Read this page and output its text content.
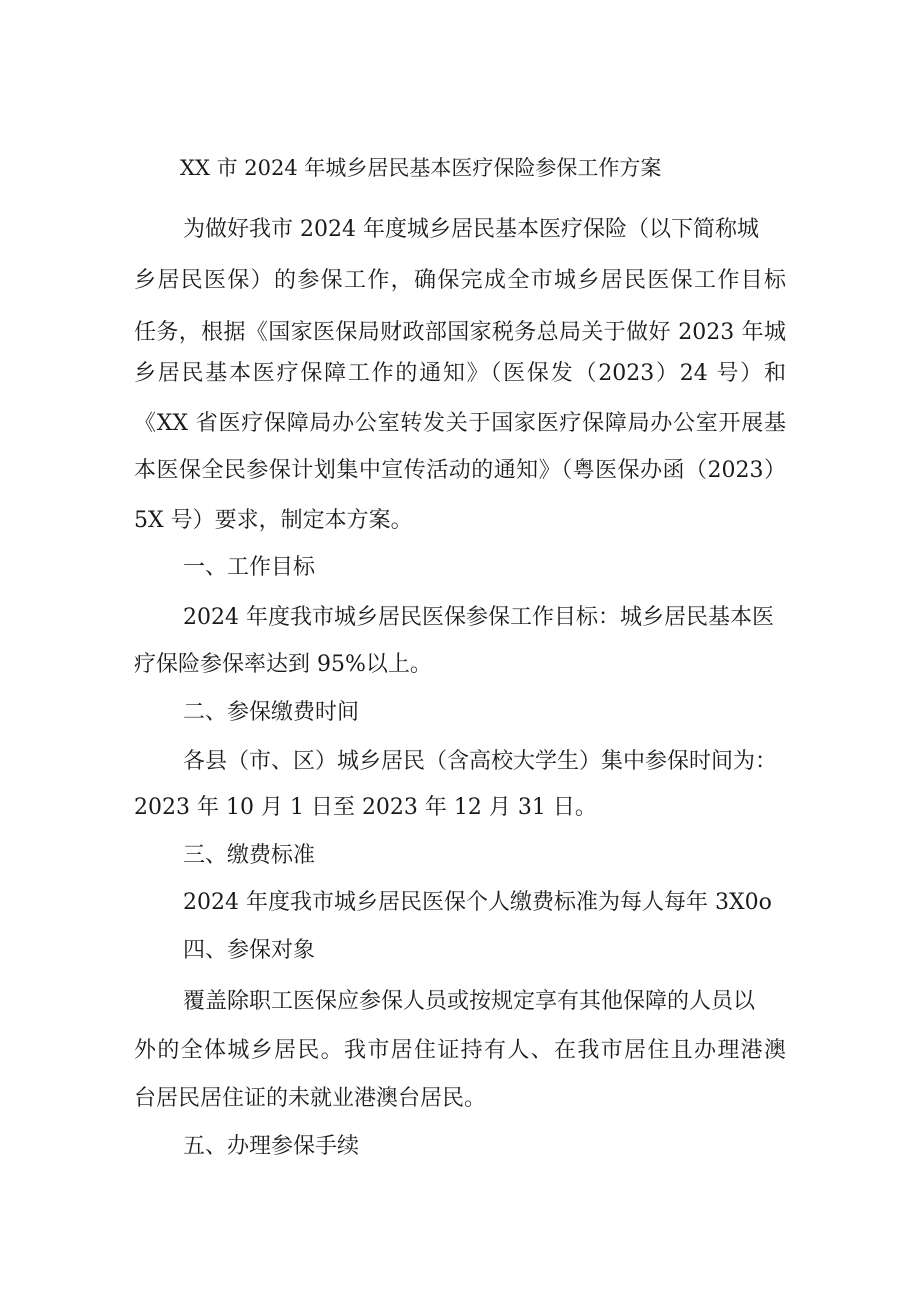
XX 市 2024 年城乡居民基本医疗保险参保工作方案
为做好我市 2024 年度城乡居民基本医疗保险（以下简称城
乡居民医保）的参保工作，确保完成全市城乡居民医保工作目标
任务，根据《国家医保局财政部国家税务总局关于做好 2023 年城
乡居民基本医疗保障工作的通知》（医保发（2023）24 号）和
《XX 省医疗保障局办公室转发关于国家医疗保障局办公室开展基
本医保全民参保计划集中宣传活动的通知》（粤医保办函（2023）
5X 号）要求，制定本方案。
一、工作目标
2024 年度我市城乡居民医保参保工作目标：城乡居民基本医
疗保险参保率达到 95%以上。
二、参保缴费时间
各县（市、区）城乡居民（含高校大学生）集中参保时间为：
2023 年 10 月 1 日至 2023 年 12 月 31 日。
三、缴费标准
2024 年度我市城乡居民医保个人缴费标准为每人每年 3X0o
四、参保对象
覆盖除职工医保应参保人员或按规定享有其他保障的人员以
外的全体城乡居民。我市居住证持有人、在我市居住且办理港澳
台居民居住证的未就业港澳台居民。
五、办理参保手续
